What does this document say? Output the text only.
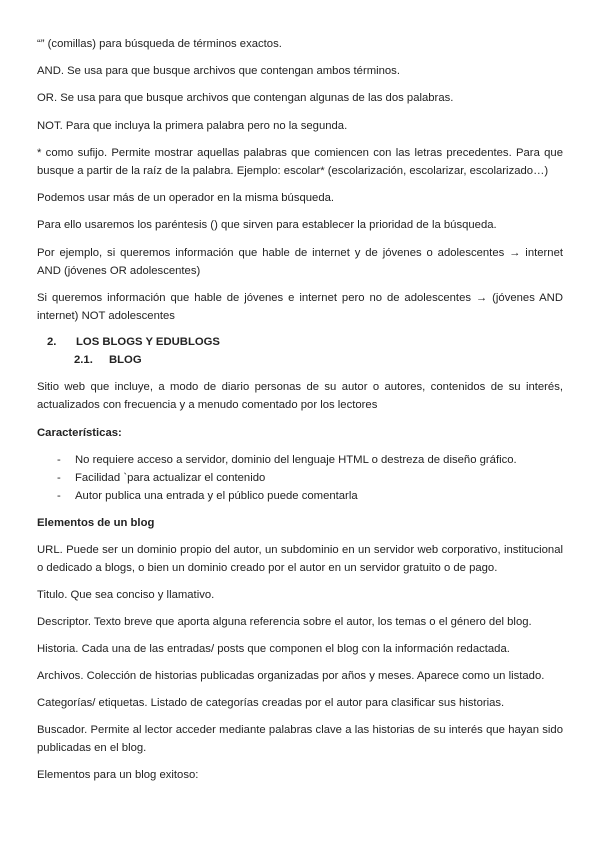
“” (comillas) para búsqueda de términos exactos.

AND. Se usa para que busque archivos que contengan ambos términos.

OR. Se usa para que busque archivos que contengan algunas de las dos palabras.

NOT. Para que incluya la primera palabra pero no la segunda.

* como sufijo. Permite mostrar aquellas palabras que comiencen con las letras precedentes. Para que busque a partir de la raíz de la palabra. Ejemplo: escolar* (escolarización, escolarizar, escolarizado…)

Podemos usar más de un operador en la misma búsqueda.

Para ello usaremos los paréntesis () que sirven para establecer la prioridad de la búsqueda.

Por ejemplo, si queremos información que hable de internet y de jóvenes o adolescentes → internet AND (jóvenes OR adolescentes)

Si queremos información que hable de jóvenes e internet pero no de adolescentes → (jóvenes AND internet) NOT adolescentes

2. LOS BLOGS Y EDUBLOGS

2.1. BLOG

Sitio web que incluye, a modo de diario personas de su autor o autores, contenidos de su interés, actualizados con frecuencia y a menudo comentado por los lectores

Características:

- No requiere acceso a servidor, dominio del lenguaje HTML o destreza de diseño gráfico.

- Facilidad `para actualizar el contenido

- Autor publica una entrada y el público puede comentarla

Elementos de un blog

URL. Puede ser un dominio propio del autor, un subdominio en un servidor web corporativo, institucional o dedicado a blogs, o bien un dominio creado por el autor en un servidor gratuito o de pago.

Titulo. Que sea conciso y llamativo.

Descriptor. Texto breve que aporta alguna referencia sobre el autor, los temas o el género del blog.

Historia. Cada una de las entradas/ posts que componen el blog con la información redactada.

Archivos. Colección de historias publicadas organizadas por años y meses. Aparece como un listado.

Categorías/ etiquetas. Listado de categorías creadas por el autor para clasificar sus historias.

Buscador. Permite al lector acceder mediante palabras clave a las historias de su interés que hayan sido publicadas en el blog.

Elementos para un blog exitoso:
